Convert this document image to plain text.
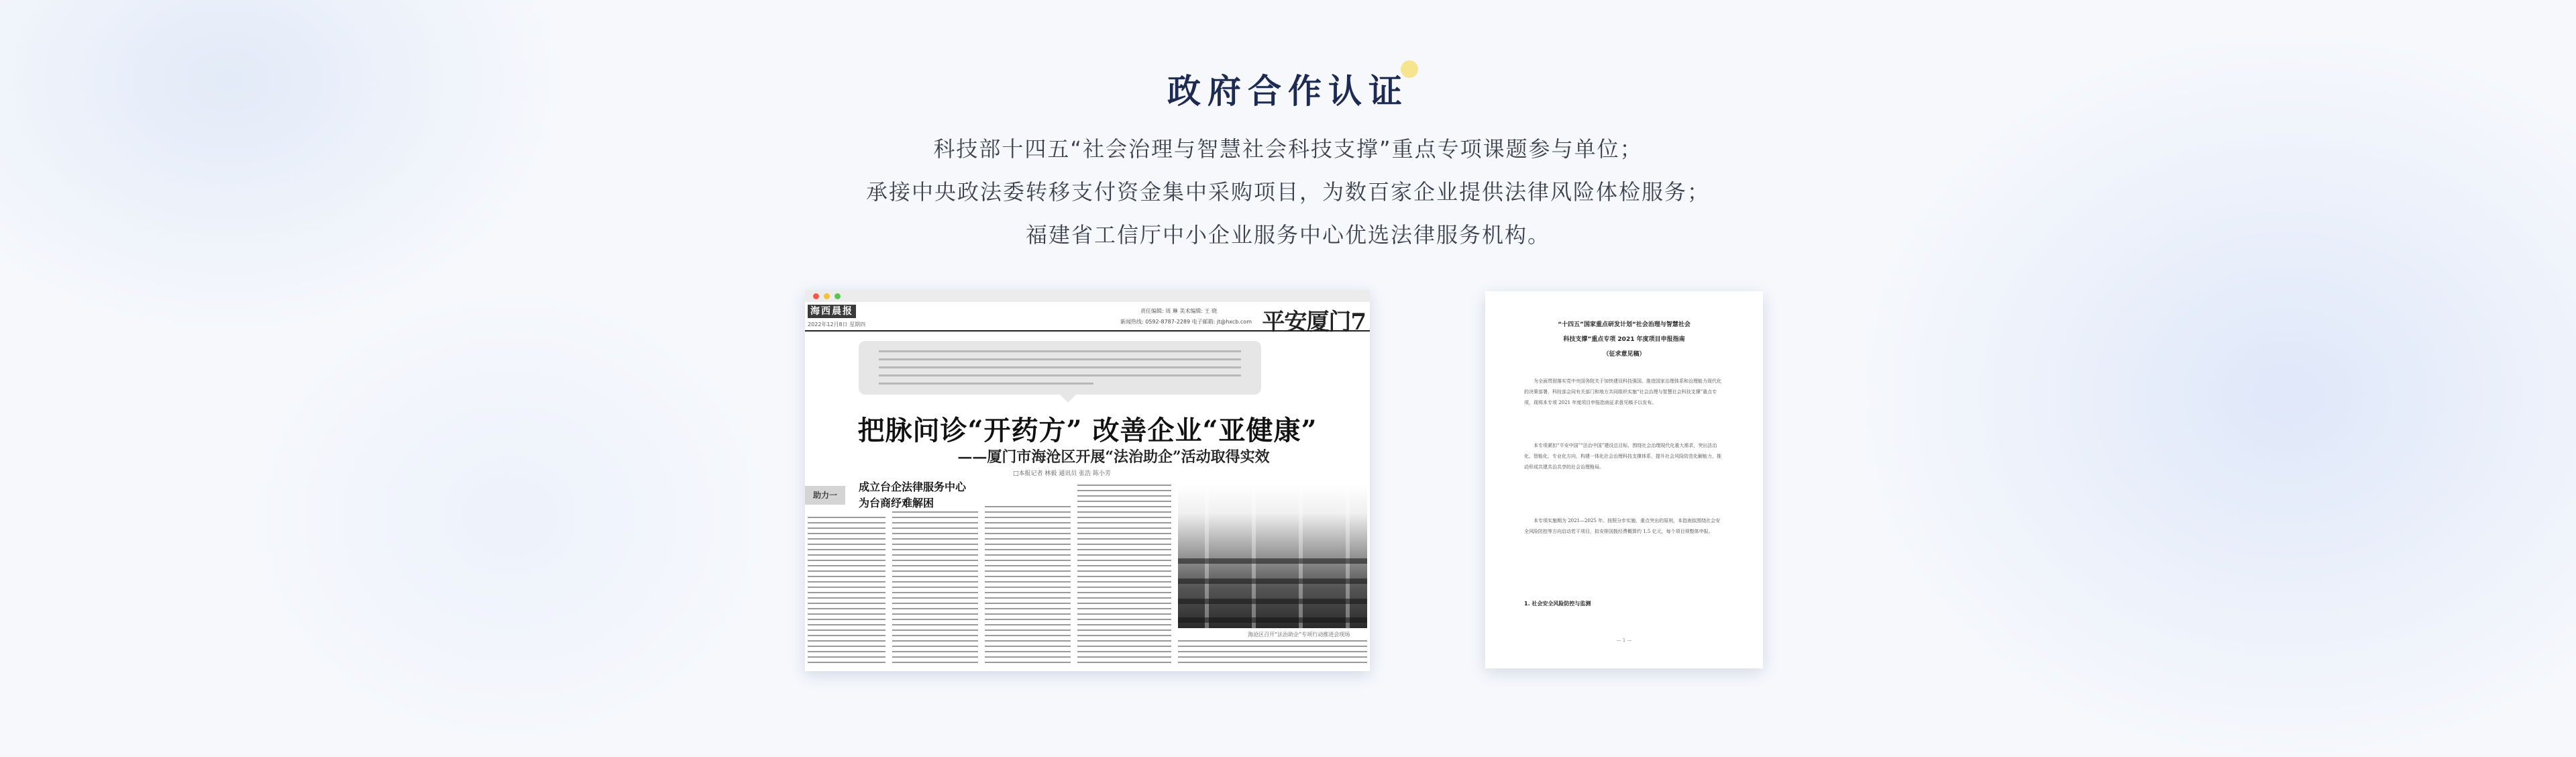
政府合作认证

科技部十四五“社会治理与智慧社会科技支撑”重点专项课题参与单位；

承接中央政法委转移支付资金集中采购项目，为数百家企业提供法律风险体检服务；

福建省工信厅中小企业服务中心优选法律服务机构。

海西晨报
2022年12月8日 星期四
责任编辑: 周 琳 美术编辑: 王 晓
新闻热线: 0592-8787-2289 电子邮箱: jt@hxcb.com 平安厦门7
把脉问诊“开药方” 改善企业“亚健康”
——厦门市海沧区开展“法治助企”活动取得实效
□本报记者 林毅 通讯员 张浩 陈小芳
助力一
成立台企法律服务中心
为台商纾难解困
海沧区召开“法治助企”专项行动推进会现场
“十四五”国家重点研发计划“社会治理与智慧社会
科技支撑”重点专项 2021 年度项目申报指南
（征求意见稿）

为全面贯彻落实党中央国务院关于加快建设科技强国、推进国家治理体系和治理能力现代化的决策部署，科技部会同有关部门和地方共同组织实施“社会治理与智慧社会科技支撑”重点专项，现将本专项 2021 年度项目申报指南征求意见稿予以发布。

本专项紧扣“平安中国”“法治中国”建设总目标，围绕社会治理现代化重大需求，突出法治化、智能化、专业化方向，构建一体化社会治理科技支撑体系，提升社会风险防范化解能力，推动形成共建共治共享的社会治理格局。

本专项实施期为 2021—2025 年。按照分步实施、重点突出的原则，本指南拟围绕社会安全风险防控等方向启动若干项目，拟安排国拨经费概算约 1.5 亿元，每个项目须整体申报。

1. 社会安全风险防控与监测
— 1 —
